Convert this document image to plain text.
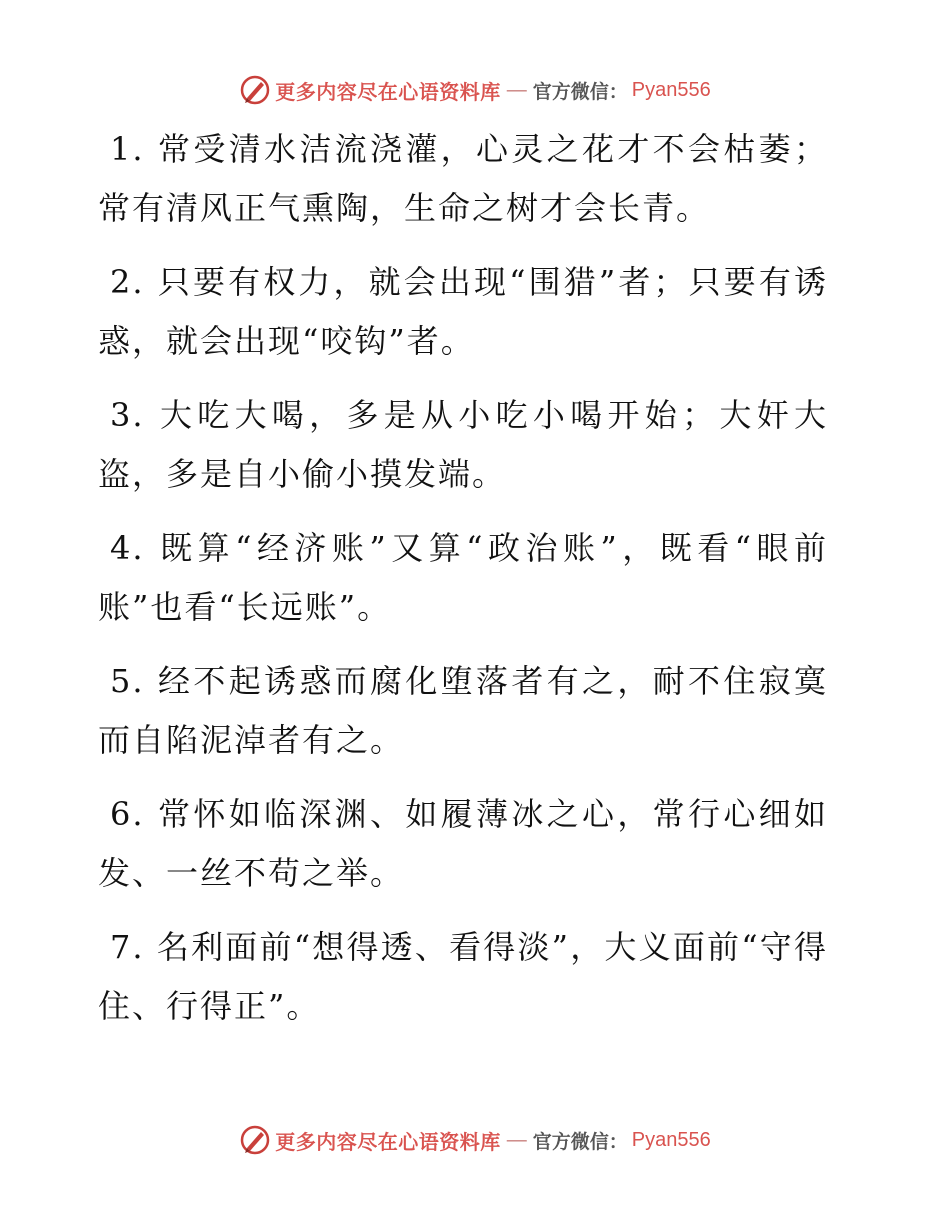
更多内容尽在心语资料库 — 官方微信： Pyan556

1. 常受清水洁流浇灌，心灵之花才不会枯萎；常有清风正气熏陶，生命之树才会长青。

2. 只要有权力，就会出现“围猎”者；只要有诱惑，就会出现“咬钩”者。

3. 大吃大喝，多是从小吃小喝开始；大奸大盗，多是自小偷小摸发端。

4. 既算“经济账”又算“政治账”，既看“眼前账”也看“长远账”。

5. 经不起诱惑而腐化堕落者有之，耐不住寂寞而自陷泥淖者有之。

6. 常怀如临深渊、如履薄冰之心，常行心细如发、一丝不苟之举。

7. 名利面前“想得透、看得淡”，大义面前“守得住、行得正”。

更多内容尽在心语资料库 — 官方微信： Pyan556
